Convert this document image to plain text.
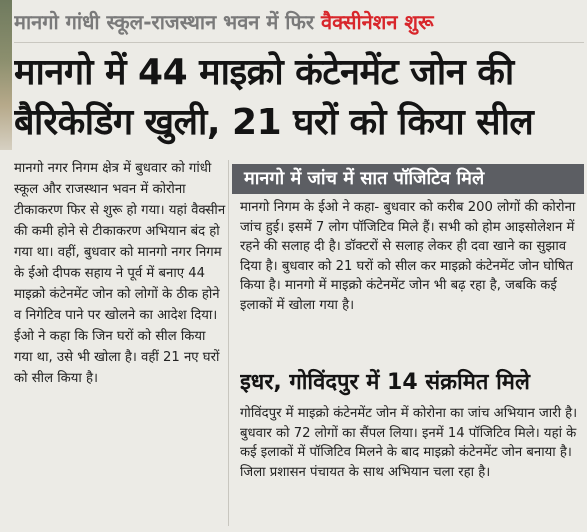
मानगो गांधी स्कूल-राजस्थान भवन में फिर वैक्सीनेशन शुरू
मानगो में 44 माइक्रो कंटेनमेंट जोन की
बैरिकेडिंग खुली, 21 घरों को किया सील

मानगो नगर निगम क्षेत्र में बुधवार को गांधी स्कूल और राजस्थान भवन में कोरोना टीकाकरण फिर से शुरू हो गया। यहां वैक्सीन की कमी होने से टीकाकरण अभियान बंद हो गया था। वहीं, बुधवार को मानगो नगर निगम के ईओ दीपक सहाय ने पूर्व में बनाए 44 माइक्रो कंटेनमेंट जोन को लोगों के ठीक होने व निगेटिव पाने पर खोलने का आदेश दिया। ईओ ने कहा कि जिन घरों को सील किया गया था, उसे भी खोला है। वहीं 21 नए घरों को सील किया है।

मानगो में जांच में सात पॉजिटिव मिले
मानगो निगम के ईओ ने कहा- बुधवार को करीब 200 लोगों की कोरोना जांच हुई। इसमें 7 लोग पॉजिटिव मिले हैं। सभी को होम आइसोलेशन में रहने की सलाह दी है। डॉक्टरों से सलाह लेकर ही दवा खाने का सुझाव दिया है। बुधवार को 21 घरों को सील कर माइक्रो कंटेनमेंट जोन घोषित किया है। मानगो में माइक्रो कंटेनमेंट जोन भी बढ़ रहा है, जबकि कई इलाकों में खोला गया है।
इधर, गोविंदपुर में 14 संक्रमित मिले
गोविंदपुर में माइक्रो कंटेनमेंट जोन में कोरोना का जांच अभियान जारी है। बुधवार को 72 लोगों का सैंपल लिया। इनमें 14 पॉजिटिव मिले। यहां के कई इलाकों में पॉजिटिव मिलने के बाद माइक्रो कंटेनमेंट जोन बनाया है। जिला प्रशासन पंचायत के साथ अभियान चला रहा है।
